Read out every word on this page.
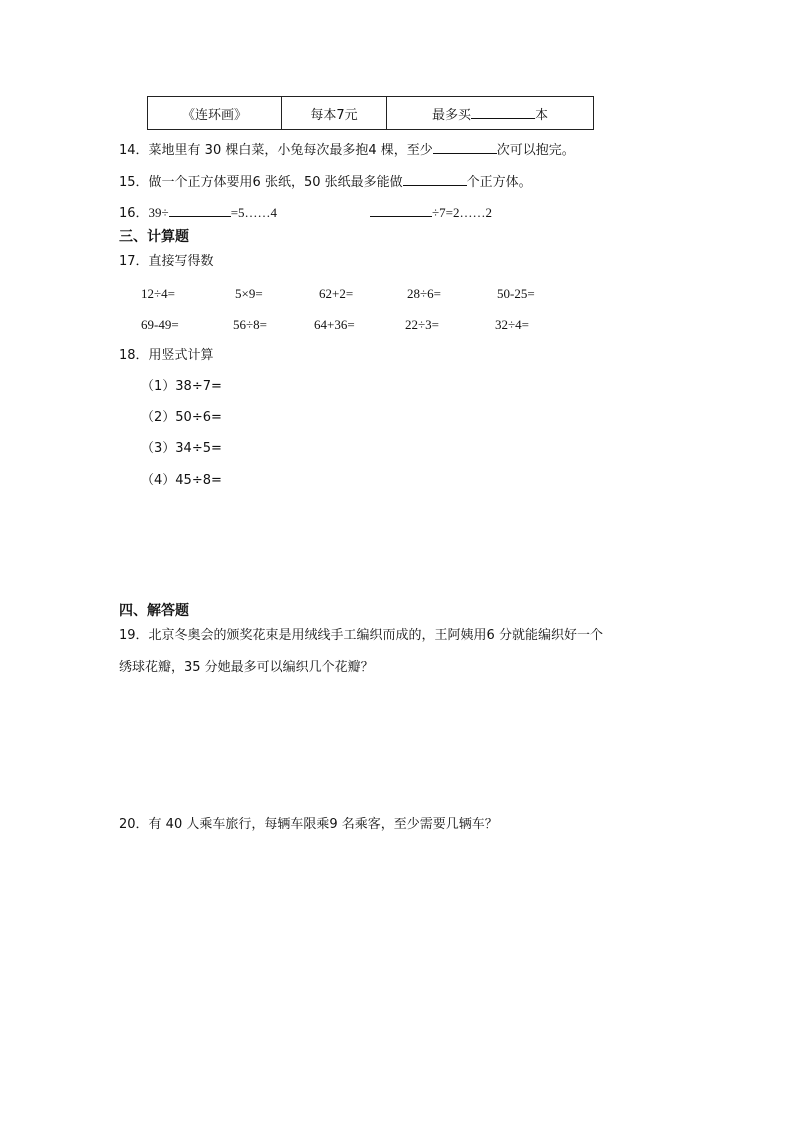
《连环画》	每本7元	最多买	本
14．菜地里有 30 棵白菜，小兔每次最多抱4 棵，至少	次可以抱完。
15．做一个正方体要用6 张纸，50 张纸最多能做	个正方体。
16．39÷	=5……4	÷7=2……2
三、计算题
17．直接写得数
12÷4=	5×9=	62+2=	28÷6=	50-25=
69-49=	56÷8=	64+36=	22÷3=	32÷4=
18．用竖式计算
（1）38÷7=
（2）50÷6=
（3）34÷5=
（4）45÷8=
四、解答题
19．北京冬奥会的颁奖花束是用绒线手工编织而成的，王阿姨用6 分就能编织好一个
绣球花瓣，35 分她最多可以编织几个花瓣？
20．有 40 人乘车旅行，每辆车限乘9 名乘客，至少需要几辆车？
